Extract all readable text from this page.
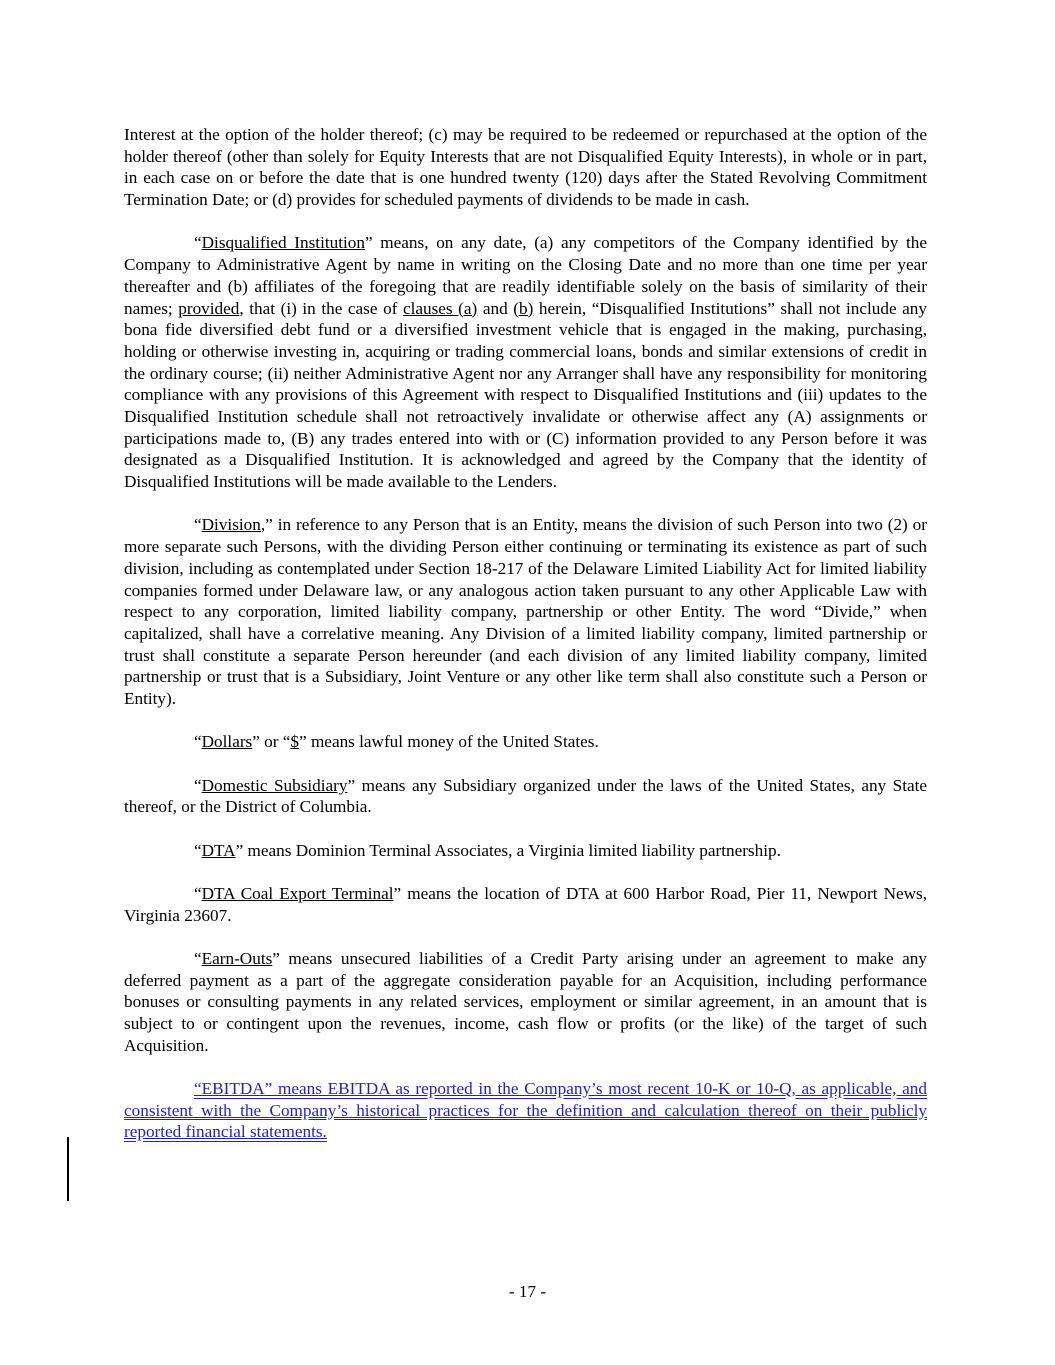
Interest at the option of the holder thereof; (c) may be required to be redeemed or repurchased at the option of the holder thereof (other than solely for Equity Interests that are not Disqualified Equity Interests), in whole or in part, in each case on or before the date that is one hundred twenty (120) days after the Stated Revolving Commitment Termination Date; or (d) provides for scheduled payments of dividends to be made in cash.

“Disqualified Institution” means, on any date, (a) any competitors of the Company identified by the Company to Administrative Agent by name in writing on the Closing Date and no more than one time per year thereafter and (b) affiliates of the foregoing that are readily identifiable solely on the basis of similarity of their names; provided, that (i) in the case of clauses (a) and (b) herein, “Disqualified Institutions” shall not include any bona fide diversified debt fund or a diversified investment vehicle that is engaged in the making, purchasing, holding or otherwise investing in, acquiring or trading commercial loans, bonds and similar extensions of credit in the ordinary course; (ii) neither Administrative Agent nor any Arranger shall have any responsibility for monitoring compliance with any provisions of this Agreement with respect to Disqualified Institutions and (iii) updates to the Disqualified Institution schedule shall not retroactively invalidate or otherwise affect any (A) assignments or participations made to, (B) any trades entered into with or (C) information provided to any Person before it was designated as a Disqualified Institution. It is acknowledged and agreed by the Company that the identity of Disqualified Institutions will be made available to the Lenders.

“Division,” in reference to any Person that is an Entity, means the division of such Person into two (2) or more separate such Persons, with the dividing Person either continuing or terminating its existence as part of such division, including as contemplated under Section 18-217 of the Delaware Limited Liability Act for limited liability companies formed under Delaware law, or any analogous action taken pursuant to any other Applicable Law with respect to any corporation, limited liability company, partnership or other Entity. The word “Divide,” when capitalized, shall have a correlative meaning. Any Division of a limited liability company, limited partnership or trust shall constitute a separate Person hereunder (and each division of any limited liability company, limited partnership or trust that is a Subsidiary, Joint Venture or any other like term shall also constitute such a Person or Entity).

“Dollars” or “$” means lawful money of the United States.

“Domestic Subsidiary” means any Subsidiary organized under the laws of the United States, any State thereof, or the District of Columbia.

“DTA” means Dominion Terminal Associates, a Virginia limited liability partnership.

“DTA Coal Export Terminal” means the location of DTA at 600 Harbor Road, Pier 11, Newport News, Virginia 23607.

“Earn-Outs” means unsecured liabilities of a Credit Party arising under an agreement to make any deferred payment as a part of the aggregate consideration payable for an Acquisition, including performance bonuses or consulting payments in any related services, employment or similar agreement, in an amount that is subject to or contingent upon the revenues, income, cash flow or profits (or the like) of the target of such Acquisition.

“EBITDA” means EBITDA as reported in the Company’s most recent 10-K or 10-Q, as applicable, and consistent with the Company’s historical practices for the definition and calculation thereof on their publicly reported financial statements.

- 17 -
